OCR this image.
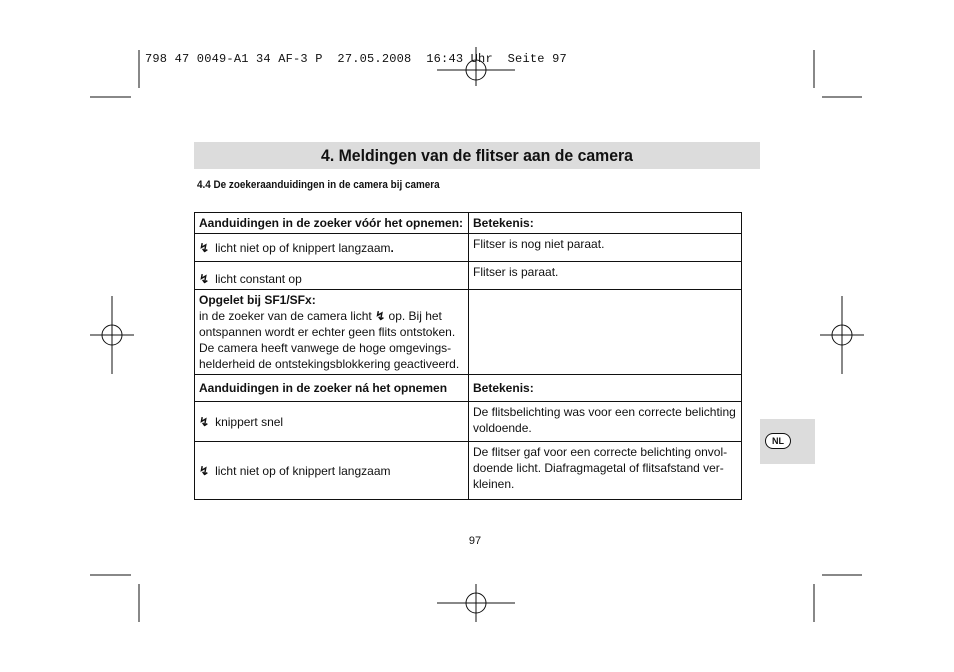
798 47 0049-A1 34 AF-3 P  27.05.2008  16:43 Uhr  Seite 97
4. Meldingen van de flitser aan de camera
4.4 De zoekeraanduidingen in de camera bij camera
Aanduidingen in de zoeker vóór het opnemen:	Betekenis:
↯ licht niet op of knippert langzaam.	Flitser is nog niet paraat.
↯ licht constant op	Flitser is paraat.

Opgelet bij SF1/SFx:
in de zoeker van de camera licht ↯ op. Bij het
ontspannen wordt er echter geen flits ontstoken.
De camera heeft vanwege de hoge omgevings-
helderheid de ontstekingsblokkering geactiveerd.	

Aanduidingen in de zoeker ná het opnemen	Betekenis:
↯ knippert snel	De flitsbelichting was voor een correcte belichting
voldoende.

↯ licht niet op of knippert langzaam	De flitser gaf voor een correcte belichting onvol-
doende licht. Diafragmagetal of flitsafstand ver-
kleinen.
NL
97
